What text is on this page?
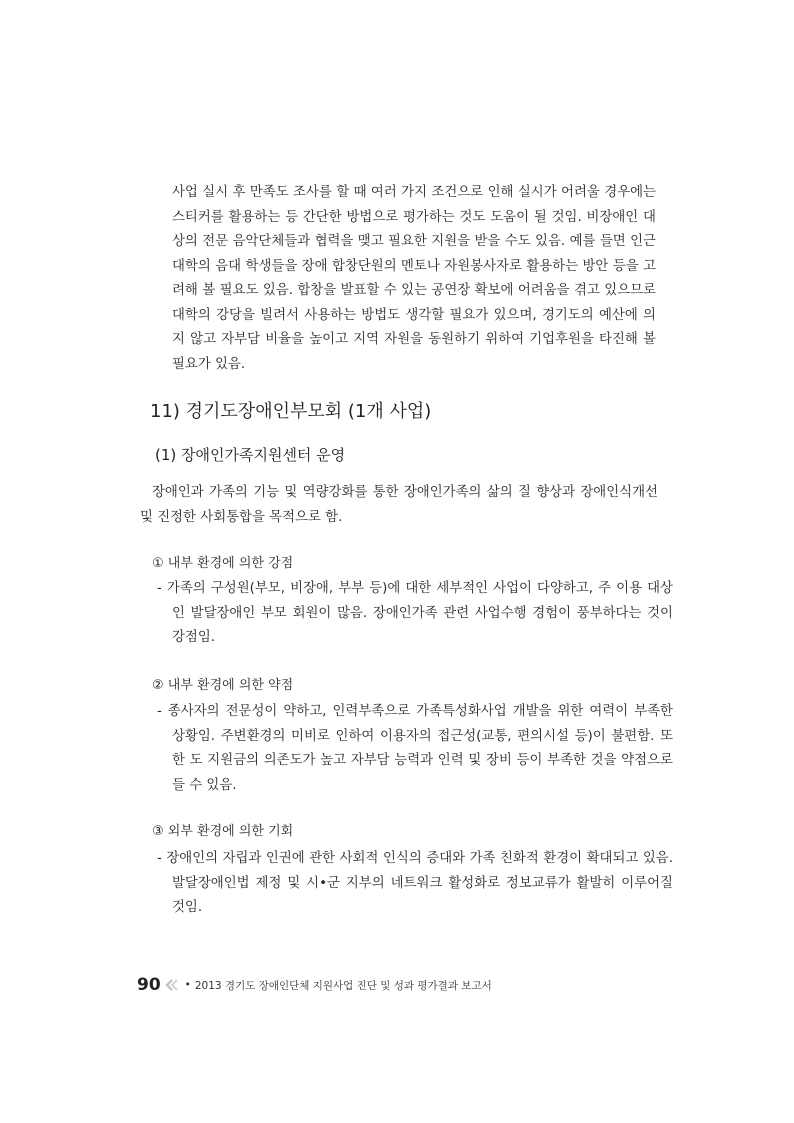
사업 실시 후 만족도 조사를 할 때 여러 가지 조건으로 인해 실시가 어려울 경우에는 스티커를 활용하는 등 간단한 방법으로 평가하는 것도 도움이 될 것임. 비장애인 대상의 전문 음악단체들과 협력을 맺고 필요한 지원을 받을 수도 있음. 예를 들면 인근 대학의 음대 학생들을 장애 합창단원의 멘토나 자원봉사자로 활용하는 방안 등을 고려해 볼 필요도 있음. 합창을 발표할 수 있는 공연장 확보에 어려움을 겪고 있으므로 대학의 강당을 빌려서 사용하는 방법도 생각할 필요가 있으며, 경기도의 예산에 의지 않고 자부담 비율을 높이고 지역 자원을 동원하기 위하여 기업후원을 타진해 볼 필요가 있음.
11) 경기도장애인부모회 (1개 사업)
(1) 장애인가족지원센터 운영
장애인과 가족의 기능 및 역량강화를 통한 장애인가족의 삶의 질 향상과 장애인식개선 및 진정한 사회통합을 목적으로 함.
① 내부 환경에 의한 강점
- 가족의 구성원(부모, 비장애, 부부 등)에 대한 세부적인 사업이 다양하고, 주 이용 대상인 발달장애인 부모 회원이 많음. 장애인가족 관련 사업수행 경험이 풍부하다는 것이 강점임.
② 내부 환경에 의한 약점
- 종사자의 전문성이 약하고, 인력부족으로 가족특성화사업 개발을 위한 여력이 부족한 상황임. 주변환경의 미비로 인하여 이용자의 접근성(교통, 편의시설 등)이 불편함. 또한 도 지원금의 의존도가 높고 자부담 능력과 인력 및 장비 등이 부족한 것을 약점으로 들 수 있음.
③ 외부 환경에 의한 기회
- 장애인의 자립과 인권에 관한 사회적 인식의 증대와 가족 친화적 환경이 확대되고 있음. 발달장애인법 제정 및 시•군 지부의 네트워크 활성화로 정보교류가 활발히 이루어질 것임.
90 • 2013 경기도 장애인단체 지원사업 진단 및 성과 평가결과 보고서
